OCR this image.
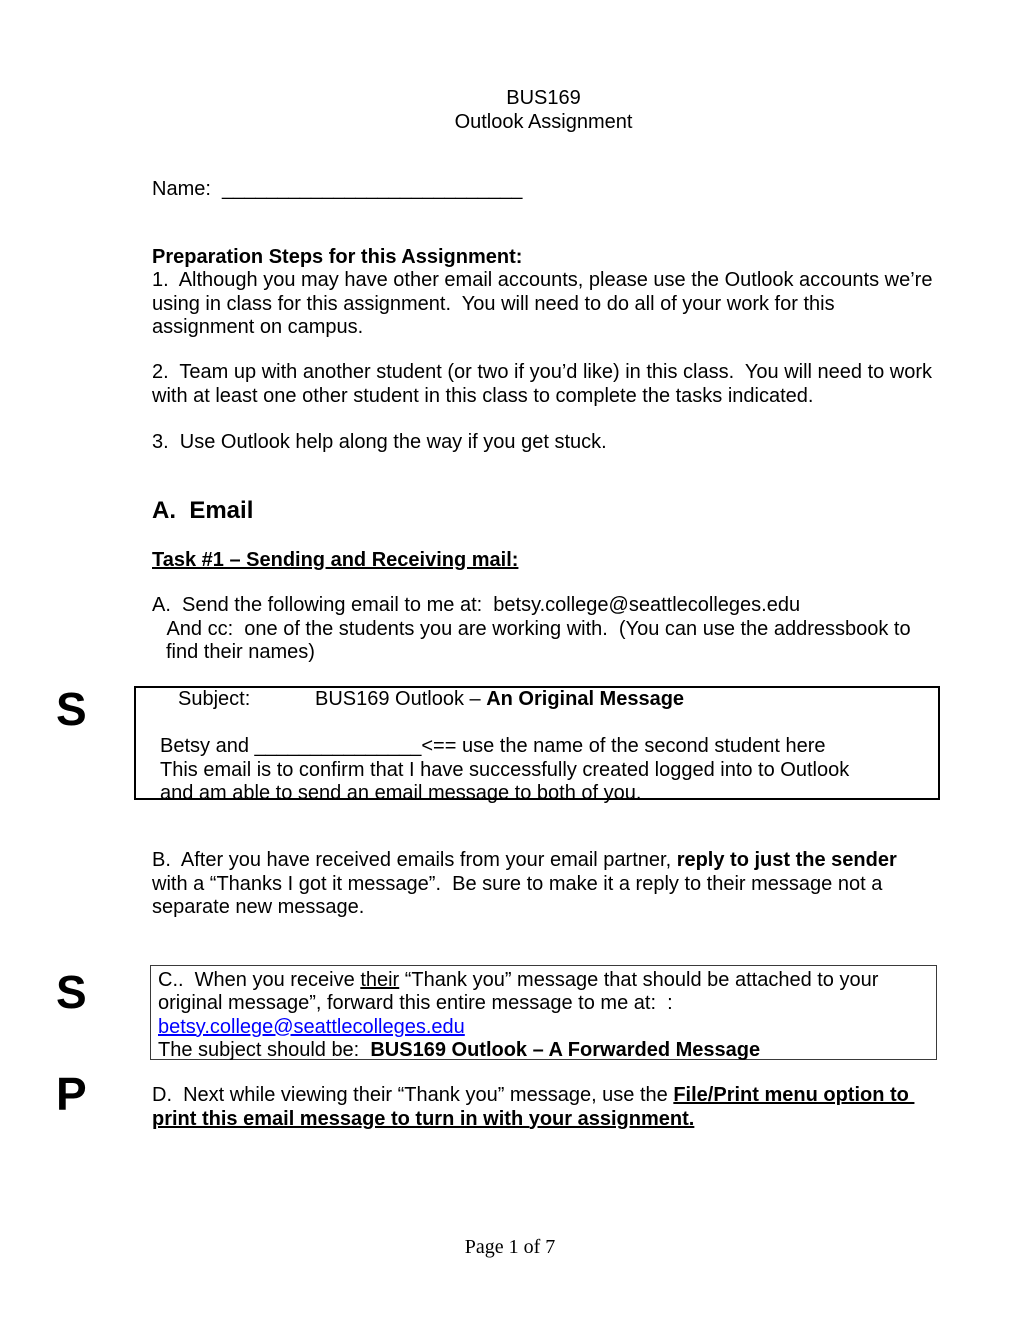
BUS169
Outlook Assignment
Name: ___________________________
Preparation Steps for this Assignment:
1.  Although you may have other email accounts, please use the Outlook accounts we’re
using in class for this assignment.  You will need to do all of your work for this
assignment on campus.
2.  Team up with another student (or two if you’d like) in this class.  You will need to work
with at least one other student in this class to complete the tasks indicated.
3.  Use Outlook help along the way if you get stuck.
A.  Email
Task #1 – Sending and Receiving mail:
A.  Send the following email to me at:  betsy.college@seattlecolleges.edu
And cc:  one of the students you are working with.  (You can use the addressbook to
find their names)
Subject:	BUS169 Outlook – An Original Message

Betsy and _______________<== use the name of the second student here
This email is to confirm that I have successfully created logged into to Outlook
and am able to send an email message to both of you.
S
S
P
B.  After you have received emails from your email partner, reply to just the sender
with a “Thanks I got it message”.  Be sure to make it a reply to their message not a
separate new message.
C..  When you receive their “Thank you” message that should be attached to your
original message”, forward this entire message to me at:  :
betsy.college@seattlecolleges.edu
The subject should be:  BUS169 Outlook – A Forwarded Message
D.  Next while viewing their “Thank you” message, use the File/Print menu option to
print this email message to turn in with your assignment.
Page 1 of 7
